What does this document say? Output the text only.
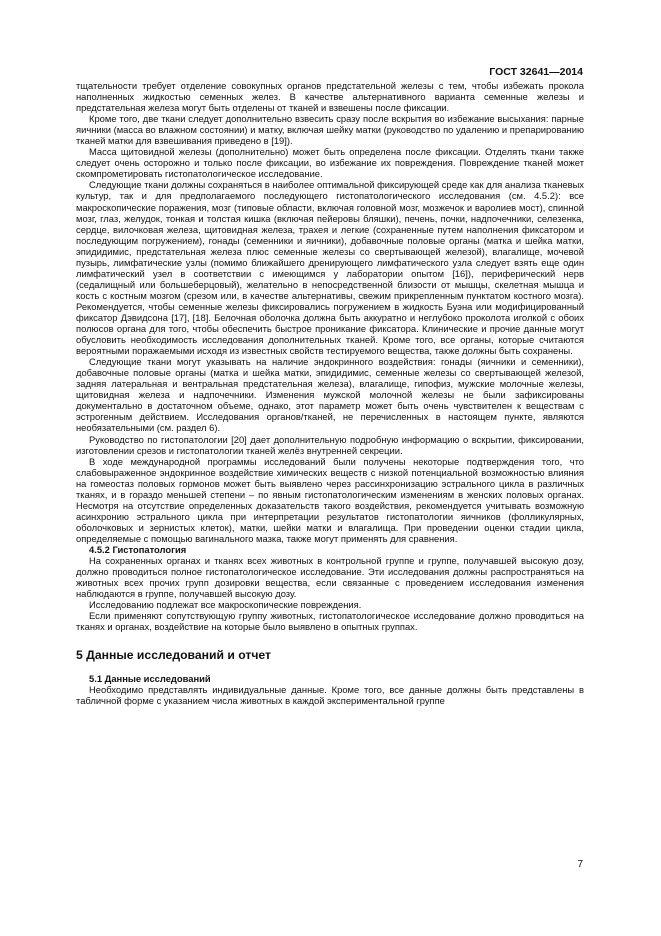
ГОСТ 32641—2014

тщательности требует отделение совокупных органов предстательной железы с тем, чтобы избежать прокола наполненных жидкостью семенных желез. В качестве альтернативного варианта семенные железы и предстательная железа могут быть отделены от тканей и взвешены после фиксации.

Кроме того, две ткани следует дополнительно взвесить сразу после вскрытия во избежание высыхания: парные яичники (масса во влажном состоянии) и матку, включая шейку матки (руководство по удалению и препарированию тканей матки для взвешивания приведено в [19]).

Масса щитовидной железы (дополнительно) может быть определена после фиксации. Отделять ткани также следует очень осторожно и только после фиксации, во избежание их повреждения. Повреждение тканей может скомпрометировать гистопатологическое исследование.

Следующие ткани должны сохраняться в наиболее оптимальной фиксирующей среде как для анализа тканевых культур, так и для предполагаемого последующего гистопатологического исследования (см. 4.5.2): все макроскопические поражения, мозг (типовые области, включая головной мозг, мозжечок и варолиев мост), спинной мозг, глаз, желудок, тонкая и толстая кишка (включая пейеровы бляшки), печень, почки, надпочечники, селезенка, сердце, вилочковая железа, щитовидная железа, трахея и легкие (сохраненные путем наполнения фиксатором и последующим погружением), гонады (семенники и яичники), добавочные половые органы (матка и шейка матки, эпидидимис, предстательная железа плюс семенные железы со свертывающей железой), влагалище, мочевой пузырь, лимфатические узлы (помимо ближайшего дренирующего лимфатического узла следует взять еще один лимфатический узел в соответствии с имеющимся у лаборатории опытом [16]), периферический нерв (седалищный или большеберцовый), желательно в непосредственной близости от мышцы, скелетная мышца и кость с костным мозгом (срезом или, в качестве альтернативы, свежим прикрепленным пунктатом костного мозга). Рекомендуется, чтобы семенные железы фиксировались погружением в жидкость Буэна или модифицированный фиксатор Дэвидсона [17], [18]. Белочная оболочка должна быть аккуратно и неглубоко проколота иголкой с обоих полюсов органа для того, чтобы обеспечить быстрое проникание фиксатора. Клинические и прочие данные могут обусловить необходимость исследования дополнительных тканей. Кроме того, все органы, которые считаются вероятными поражаемыми исходя из известных свойств тестируемого вещества, также должны быть сохранены.

Следующие ткани могут указывать на наличие эндокринного воздействия: гонады (яичники и семенники), добавочные половые органы (матка и шейка матки, эпидидимис, семенные железы со свертывающей железой, задняя латеральная и вентральная предстательная железа), влагалище, гипофиз, мужские молочные железы, щитовидная железа и надпочечники. Изменения мужской молочной железы не были зафиксированы документально в достаточном объеме, однако, этот параметр может быть очень чувствителен к веществам с эстрогенным действием. Исследования органов/тканей, не перечисленных в настоящем пункте, являются необязательными (см. раздел 6).

Руководство по гистопатологии [20] дает дополнительную подробную информацию о вскрытии, фиксировании, изготовлении срезов и гистопатологии тканей желёз внутренней секреции.

В ходе международной программы исследований были получены некоторые подтверждения того, что слабовыраженное эндокринное воздействие химических веществ с низкой потенциальной возможностью влияния на гомеостаз половых гормонов может быть выявлено через рассинхронизацию эстрального цикла в различных тканях, и в гораздо меньшей степени – по явным гистопатологическим изменениям в женских половых органах. Несмотря на отсутствие определенных доказательств такого воздействия, рекомендуется учитывать возможную асинхронию эстрального цикла при интерпретации результатов гистопатологии яичников (фолликулярных, оболочковых и зернистых клеток), матки, шейки матки и влагалища. При проведении оценки стадии цикла, определяемые с помощью вагинального мазка, также могут применять для сравнения.

4.5.2 Гистопатология

На сохраненных органах и тканях всех животных в контрольной группе и группе, получавшей высокую дозу, должно проводиться полное гистопатологическое исследование. Эти исследования должны распространяться на животных всех прочих групп дозировки вещества, если связанные с проведением исследования изменения наблюдаются в группе, получавшей высокую дозу.

Исследованию подлежат все макроскопические повреждения.

Если применяют сопутствующую группу животных, гистопатологическое исследование должно проводиться на тканях и органах, воздействие на которые было выявлено в опытных группах.

5 Данные исследований и отчет

5.1 Данные исследований

Необходимо представлять индивидуальные данные. Кроме того, все данные должны быть представлены в табличной форме с указанием числа животных в каждой экспериментальной группе

7
